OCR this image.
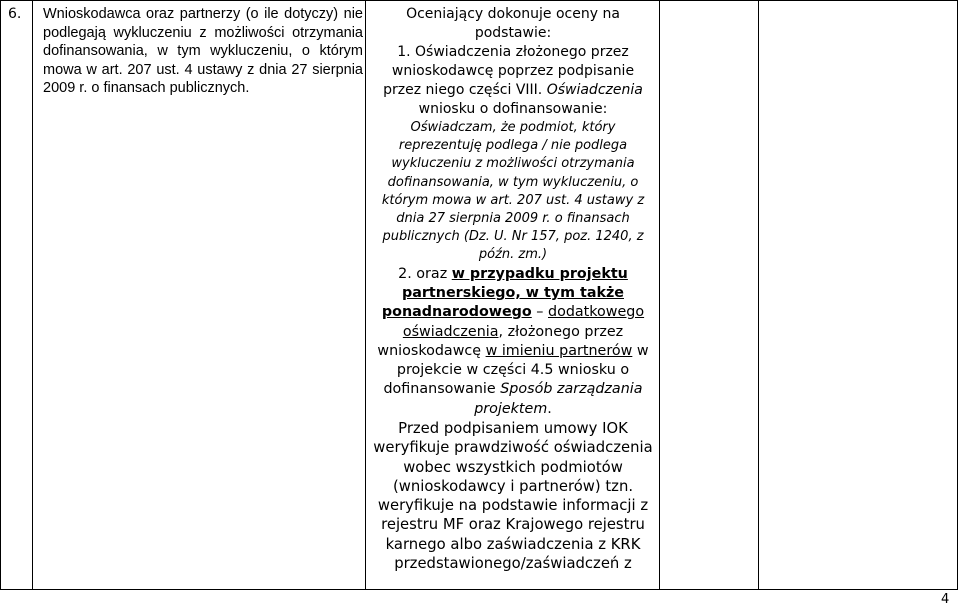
6. Wnioskodawca oraz partnerzy (o ile dotyczy) nie podlegają wykluczeniu z możliwości otrzymania dofinansowania, w tym wykluczeniu, o którym mowa w art. 207 ust. 4 ustawy z dnia 27 sierpnia 2009 r. o finansach publicznych.

Oceniający dokonuje oceny na podstawie:
1. Oświadczenia złożonego przez wnioskodawcę poprzez podpisanie przez niego części VIII. Oświadczenia wniosku o dofinansowanie:

Oświadczam, że podmiot, który reprezentuję podlega / nie podlega wykluczeniu z możliwości otrzymania dofinansowania, w tym wykluczeniu, o którym mowa w art. 207 ust. 4 ustawy z dnia 27 sierpnia 2009 r. o finansach publicznych (Dz. U. Nr 157, poz. 1240, z późn. zm.)

2. oraz w przypadku projektu partnerskiego, w tym także ponadnarodowego – dodatkowego oświadczenia, złożonego przez wnioskodawcę w imieniu partnerów w projekcie w części 4.5 wniosku o dofinansowanie Sposób zarządzania projektem.

Przed podpisaniem umowy IOK weryfikuje prawdziwość oświadczenia wobec wszystkich podmiotów (wnioskodawcy i partnerów) tzn. weryfikuje na podstawie informacji z rejestru MF oraz Krajowego rejestru karnego albo zaświadczenia z KRK przedstawionego/zaświadczeń z

4
